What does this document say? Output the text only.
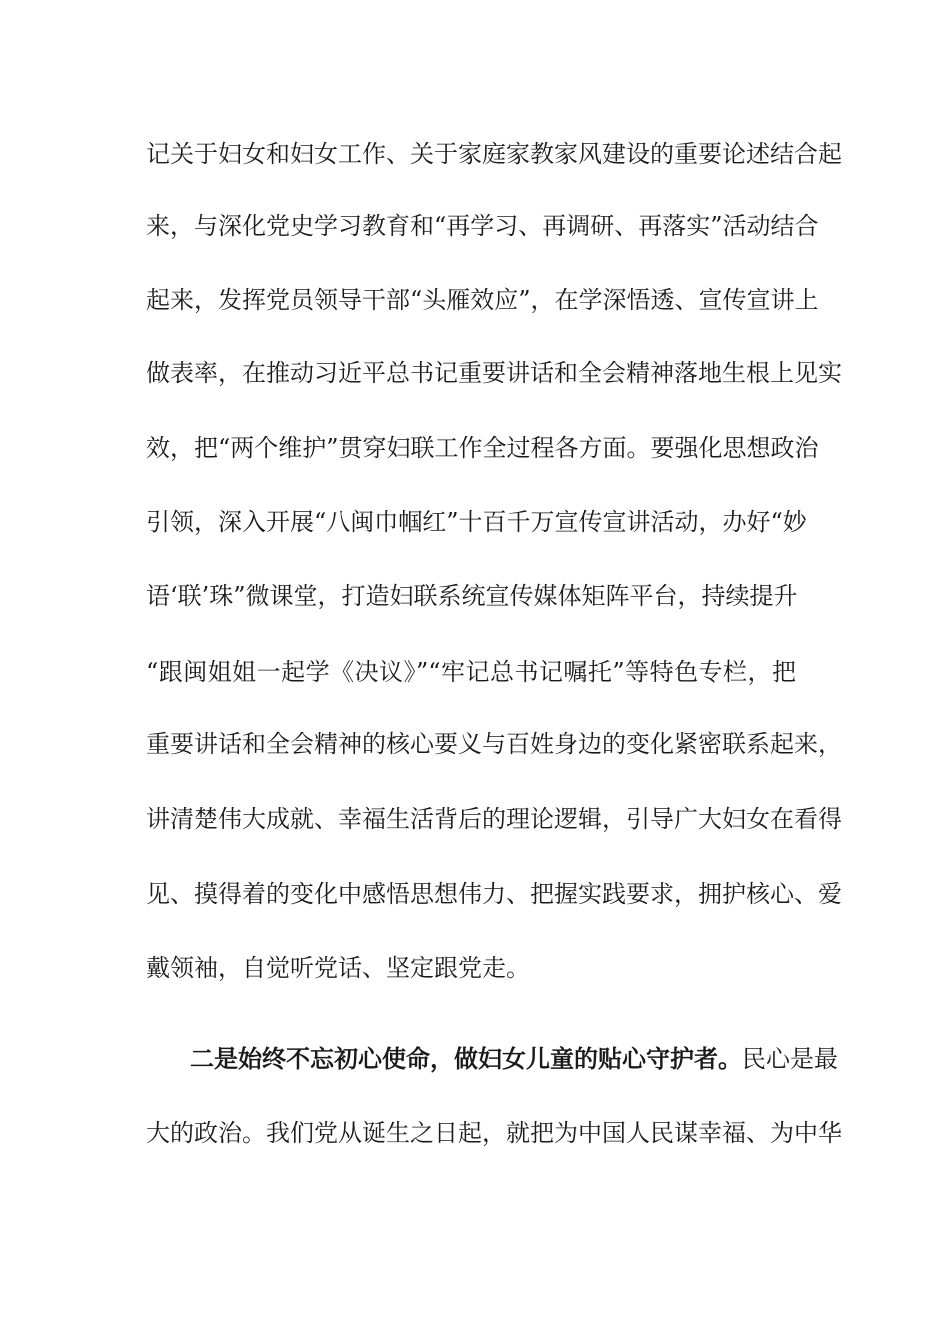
记关于妇女和妇女工作、关于家庭家教家风建设的重要论述结合起
来，与深化党史学习教育和“再学习、再调研、再落实”活动结合
起来，发挥党员领导干部“头雁效应”，在学深悟透、宣传宣讲上
做表率，在推动习近平总书记重要讲话和全会精神落地生根上见实
效，把“两个维护”贯穿妇联工作全过程各方面。要强化思想政治
引领，深入开展“八闽巾帼红”十百千万宣传宣讲活动，办好“妙
语‘联’珠”微课堂，打造妇联系统宣传媒体矩阵平台，持续提升
“跟闽姐姐一起学《决议》”“牢记总书记嘱托”等特色专栏，把
重要讲话和全会精神的核心要义与百姓身边的变化紧密联系起来，
讲清楚伟大成就、幸福生活背后的理论逻辑，引导广大妇女在看得
见、摸得着的变化中感悟思想伟力、把握实践要求，拥护核心、爱
戴领袖，自觉听党话、坚定跟党走。
二是始终不忘初心使命，做妇女儿童的贴心守护者。民心是最
大的政治。我们党从诞生之日起，就把为中国人民谋幸福、为中华
